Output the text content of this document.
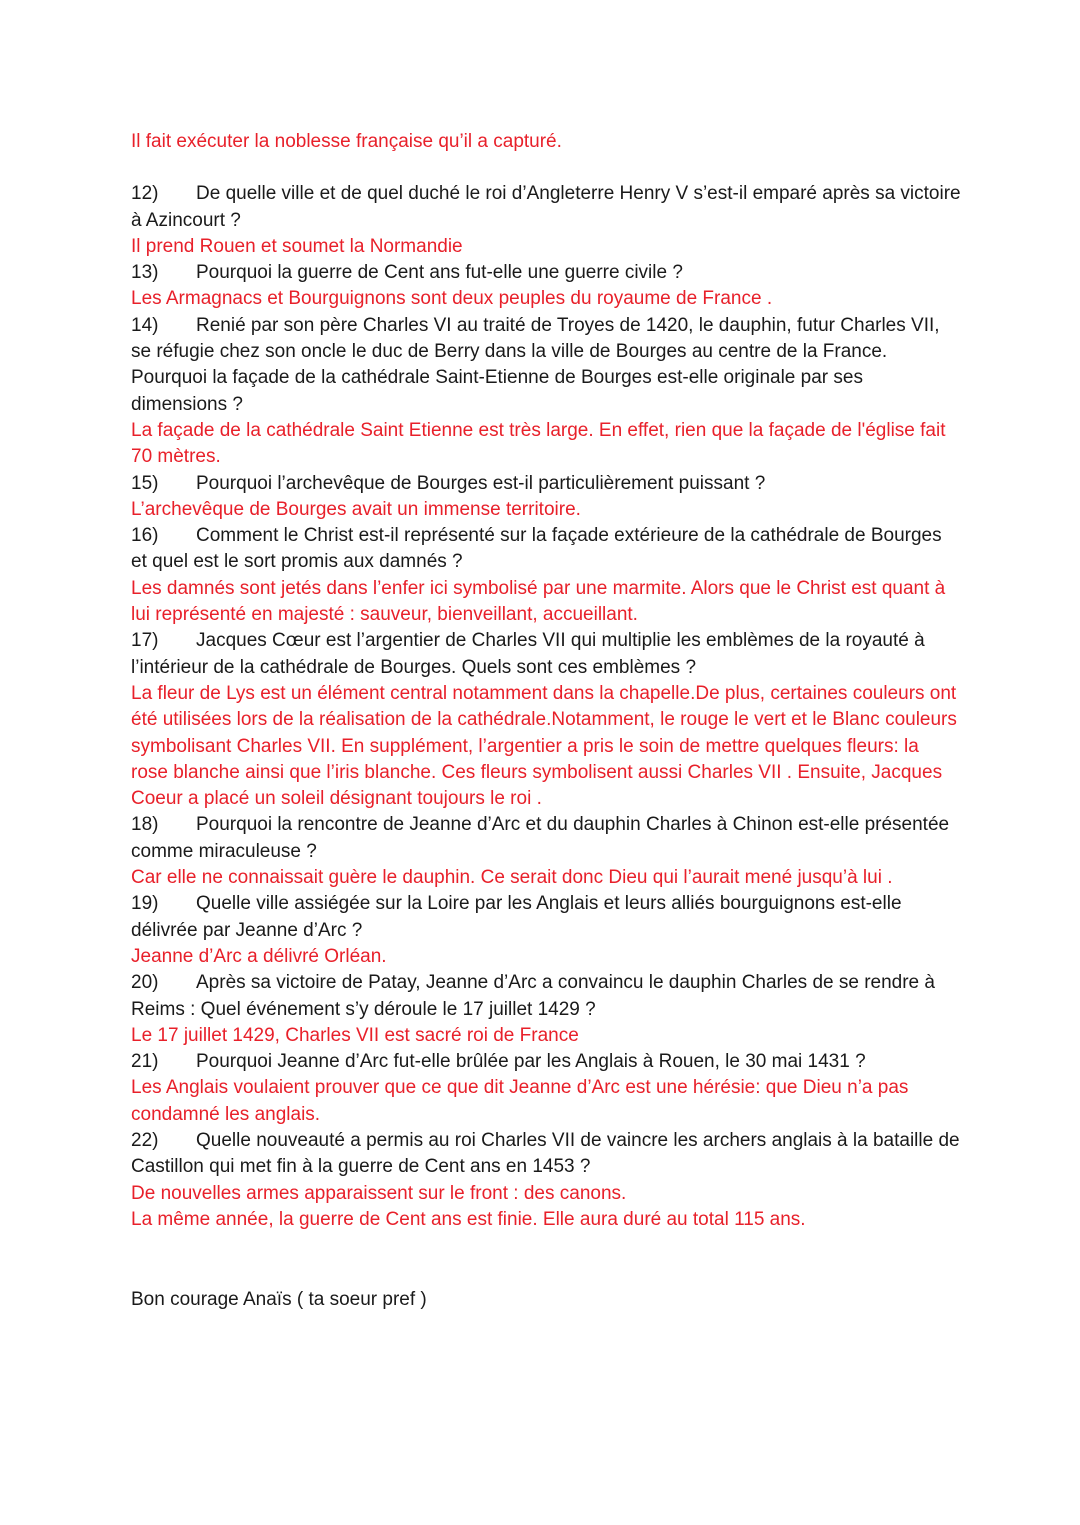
Il fait exécuter la noblesse française qu’il a capturé.

12) De quelle ville et de quel duché le roi d’Angleterre Henry V s’est-il emparé après sa victoire à Azincourt ?

Il prend Rouen et soumet la Normandie

13) Pourquoi la guerre de Cent ans fut-elle une guerre civile ?

Les Armagnacs et Bourguignons sont deux peuples du royaume de France .

14) Renié par son père Charles VI au traité de Troyes de 1420, le dauphin, futur Charles VII, se réfugie chez son oncle le duc de Berry dans la ville de Bourges au centre de la France. Pourquoi la façade de la cathédrale Saint-Etienne de Bourges est-elle originale par ses dimensions ?

La façade de la cathédrale Saint Etienne est très large. En effet, rien que la façade de l'église fait 70 mètres.

15) Pourquoi l’archevêque de Bourges est-il particulièrement puissant ?

L’archevêque de Bourges avait un immense territoire.

16) Comment le Christ est-il représenté sur la façade extérieure de la cathédrale de Bourges et quel est le sort promis aux damnés ?

Les damnés sont jetés dans l’enfer ici symbolisé par une marmite. Alors que le Christ est quant à lui représenté en majesté : sauveur, bienveillant, accueillant.

17) Jacques Cœur est l’argentier de Charles VII qui multiplie les emblèmes de la royauté à l’intérieur de la cathédrale de Bourges. Quels sont ces emblèmes ?

La fleur de Lys est un élément central notamment dans la chapelle.De plus, certaines couleurs ont été utilisées lors de la réalisation de la cathédrale.Notamment, le rouge le vert et le Blanc couleurs symbolisant Charles VII. En supplément, l’argentier a pris le soin de mettre quelques fleurs: la rose blanche ainsi que l’iris blanche. Ces fleurs symbolisent aussi Charles VII . Ensuite, Jacques Coeur a placé un soleil désignant toujours le roi .

18) Pourquoi la rencontre de Jeanne d’Arc et du dauphin Charles à Chinon est-elle présentée comme miraculeuse ?

Car elle ne connaissait guère le dauphin. Ce serait donc Dieu qui l’aurait mené jusqu’à lui .

19) Quelle ville assiégée sur la Loire par les Anglais et leurs alliés bourguignons est-elle délivrée par Jeanne d’Arc ?

Jeanne d’Arc a délivré Orléan.

20) Après sa victoire de Patay, Jeanne d’Arc a convaincu le dauphin Charles de se rendre à Reims : Quel événement s’y déroule le 17 juillet 1429 ?

Le 17 juillet 1429, Charles VII est sacré roi de France

21) Pourquoi Jeanne d’Arc fut-elle brûlée par les Anglais à Rouen, le 30 mai 1431 ?

Les Anglais voulaient prouver que ce que dit Jeanne d’Arc est une hérésie: que Dieu n’a pas condamné les anglais.

22) Quelle nouveauté a permis au roi Charles VII de vaincre les archers anglais à la bataille de Castillon qui met fin à la guerre de Cent ans en 1453 ?

De nouvelles armes apparaissent sur le front : des canons.

La même année, la guerre de Cent ans est finie. Elle aura duré au total 115 ans.

Bon courage Anaïs ( ta soeur pref )
